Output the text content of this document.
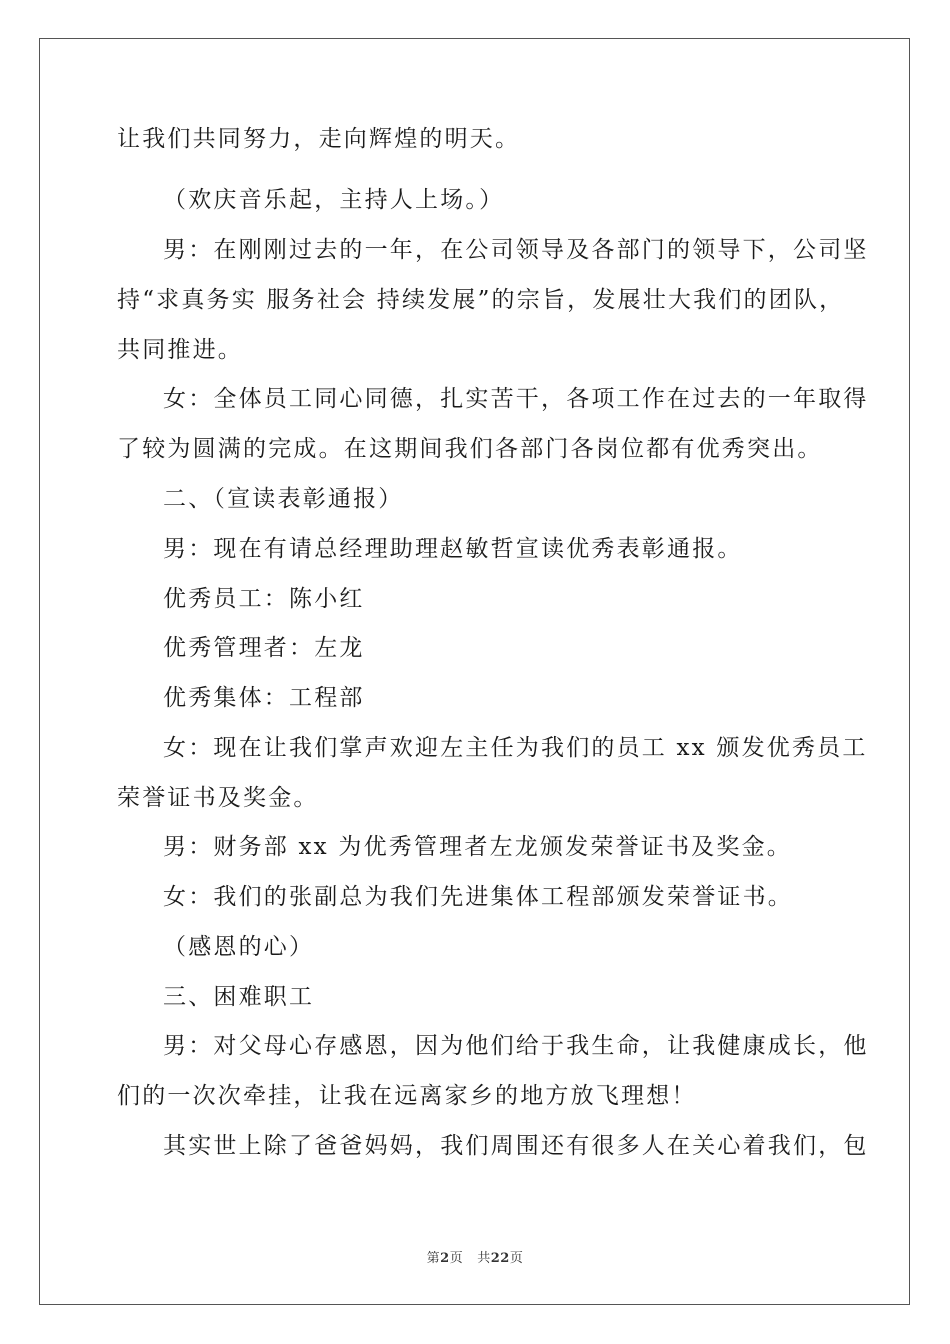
让我们共同努力，走向辉煌的明天。
（欢庆音乐起，主持人上场。）
男：在刚刚过去的一年，在公司领导及各部门的领导下，公司坚
持“求真务实 服务社会 持续发展”的宗旨，发展壮大我们的团队，
共同推进。
女：全体员工同心同德，扎实苦干，各项工作在过去的一年取得
了较为圆满的完成。在这期间我们各部门各岗位都有优秀突出。
二、（宣读表彰通报）
男：现在有请总经理助理赵敏哲宣读优秀表彰通报。
优秀员工：陈小红
优秀管理者：左龙
优秀集体：工程部
女：现在让我们掌声欢迎左主任为我们的员工 xx 颁发优秀员工
荣誉证书及奖金。
男：财务部 xx 为优秀管理者左龙颁发荣誉证书及奖金。
女：我们的张副总为我们先进集体工程部颁发荣誉证书。
（感恩的心）
三、困难职工
男：对父母心存感恩，因为他们给于我生命，让我健康成长，他
们的一次次牵挂，让我在远离家乡的地方放飞理想！
其实世上除了爸爸妈妈，我们周围还有很多人在关心着我们，包
第2页 共22页
